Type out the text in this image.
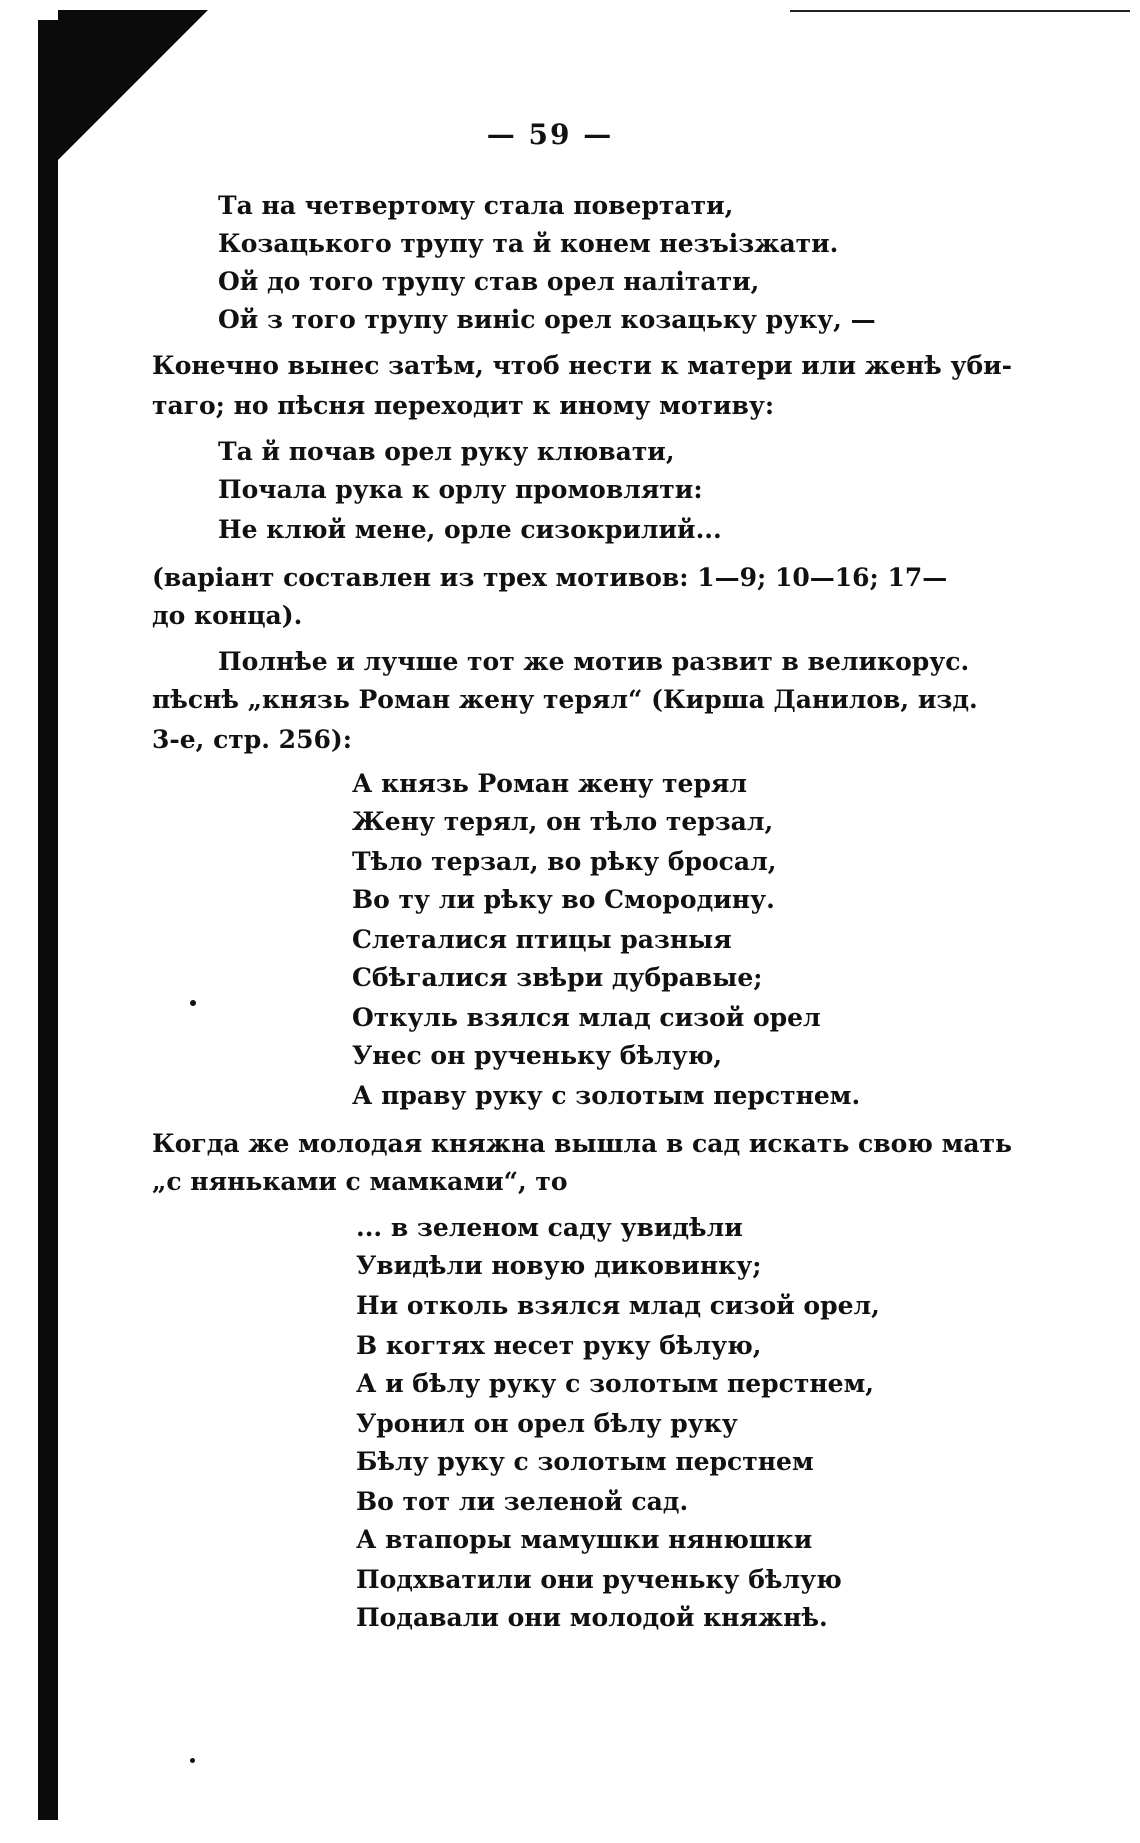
— 59 —
Та на четвертому стала повертати,
Козацького трупу та й конем незъізжати.
Ой до того трупу став орел налітати,
Ой з того трупу виніс орел козацьку руку, —
Конечно вынес затѣм, чтоб нести к матери или женѣ уби-
таго; но пѣсня переходит к иному мотиву:
Та й почав орел руку клювати,
Почала рука к орлу промовляти:
Не клюй мене, орле сизокрилий...
(варіант составлен из трех мотивов: 1—9; 10—16; 17—
до конца).
Полнѣе и лучше тот же мотив развит в великорус.
пѣснѣ „князь Роман жену терял“ (Кирша Данилов, изд.
3-е, стр. 256):
А князь Роман жену терял
Жену терял, он тѣло терзал,
Тѣло терзал, во рѣку бросал,
Во ту ли рѣку во Смородину.
Слеталися птицы разныя
Сбѣгалися звѣри дубравые;
Откуль взялся млад сизой орел
Унес он рученьку бѣлую,
А праву руку с золотым перстнем.
Когда же молодая княжна вышла в сад искать свою мать
„с няньками с мамками“, то
... в зеленом саду увидѣли
Увидѣли новую диковинку;
Ни отколь взялся млад сизой орел,
В когтях несет руку бѣлую,
А и бѣлу руку с золотым перстнем,
Уронил он орел бѣлу руку
Бѣлу руку с золотым перстнем
Во тот ли зеленой сад.
А втапоры мамушки нянюшки
Подхватили они рученьку бѣлую
Подавали они молодой княжнѣ.
